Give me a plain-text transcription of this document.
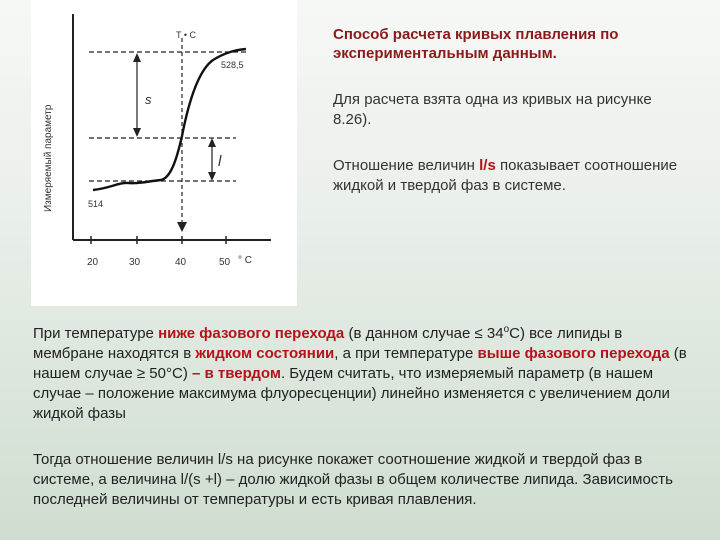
T • C
528,5
514
s
l
Измеряемый параметр
20	30	40	50 ° C

Способ расчета кривых плавления по экспериментальным данным.

Для расчета взята одна из кривых на рисунке 8.26).

Отношение величин l/s показывает соотношение жидкой и твердой фаз в системе.

При температуре ниже фазового перехода (в данном случае ≤ $34^оС$) все липиды в мембране находятся в жидком состоянии, а при температуре выше фазового перехода (в нашем случае ≥ 50°С) – в твердом. Будем считать, что измеряемый параметр (в нашем случае – положение максимума флуоресценции) линейно изменяется с увеличением доли жидкой фазы

Тогда отношение величин l/s на рисунке покажет соотношение жидкой и твердой фаз в системе, а величина l/(s +l) – долю жидкой фазы в общем количестве липида. Зависимость последней величины от температуры и есть кривая плавления.
